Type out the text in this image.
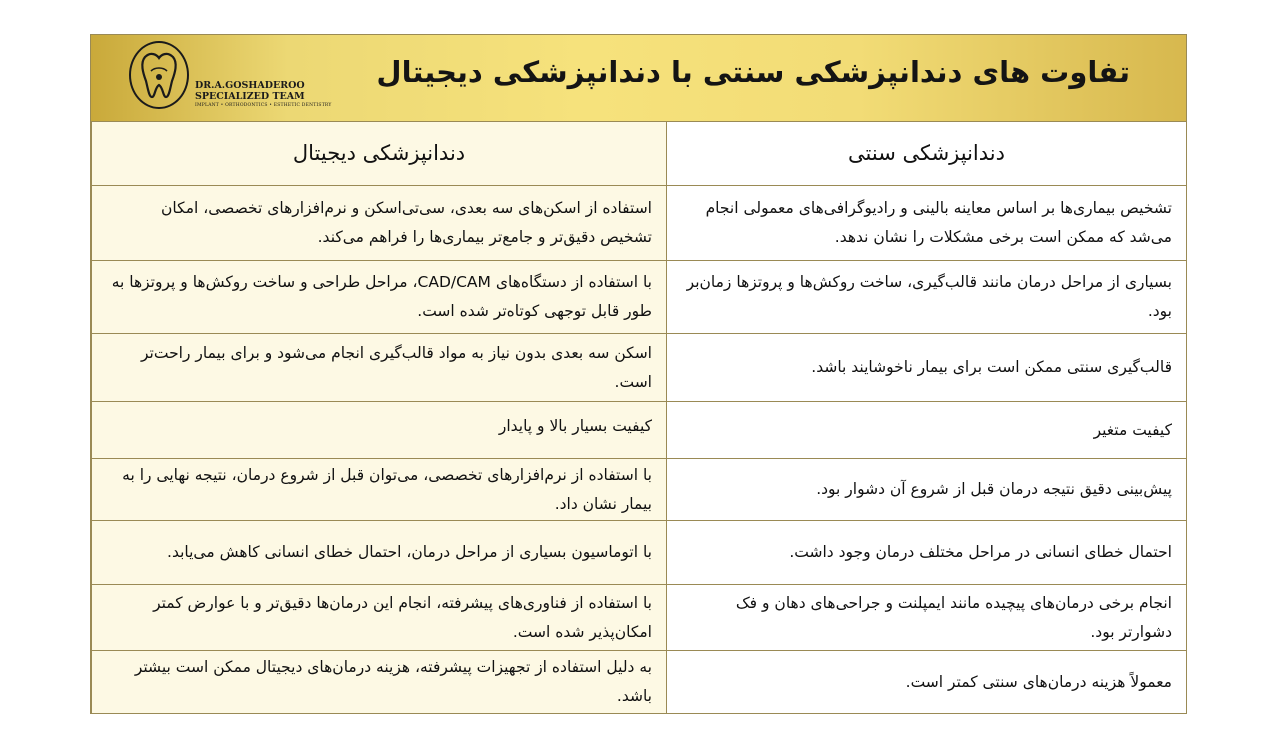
DR.A.GOSHADEROO
SPECIALIZED TEAM
IMPLANT • ORTHODONTICS • ESTHETIC DENTISTRY
تفاوت های دندانپزشکی سنتی با دندانپزشکی دیجیتال
دندانپزشکی سنتی	دندانپزشکی دیجیتال
تشخیص بیماری‌ها بر اساس معاینه بالینی و رادیوگرافی‌های معمولی انجام می‌شد که ممکن است برخی مشکلات را نشان ندهد.	استفاده از اسکن‌های سه بعدی، سی‌تی‌اسکن و نرم‌افزارهای تخصصی، امکان تشخیص دقیق‌تر و جامع‌تر بیماری‌ها را فراهم می‌کند.
بسیاری از مراحل درمان مانند قالب‌گیری، ساخت روکش‌ها و پروتزها زمان‌بر بود.	با استفاده از دستگاه‌های CAD/CAM، مراحل طراحی و ساخت روکش‌ها و پروتزها به طور قابل توجهی کوتاه‌تر شده است.
قالب‌گیری سنتی ممکن است برای بیمار ناخوشایند باشد.	اسکن سه بعدی بدون نیاز به مواد قالب‌گیری انجام می‌شود و برای بیمار راحت‌تر است.
کیفیت متغیر	کیفیت بسیار بالا و پایدار
پیش‌بینی دقیق نتیجه درمان قبل از شروع آن دشوار بود.	با استفاده از نرم‌افزارهای تخصصی، می‌توان قبل از شروع درمان، نتیجه نهایی را به بیمار نشان داد.
احتمال خطای انسانی در مراحل مختلف درمان وجود داشت.	با اتوماسیون بسیاری از مراحل درمان، احتمال خطای انسانی کاهش می‌یابد.
انجام برخی درمان‌های پیچیده مانند ایمپلنت و جراحی‌های دهان و فک دشوارتر بود.	با استفاده از فناوری‌های پیشرفته، انجام این درمان‌ها دقیق‌تر و با عوارض کمتر امکان‌پذیر شده است.
معمولاً هزینه درمان‌های سنتی کمتر است.	به دلیل استفاده از تجهیزات پیشرفته، هزینه درمان‌های دیجیتال ممکن است بیشتر باشد.
